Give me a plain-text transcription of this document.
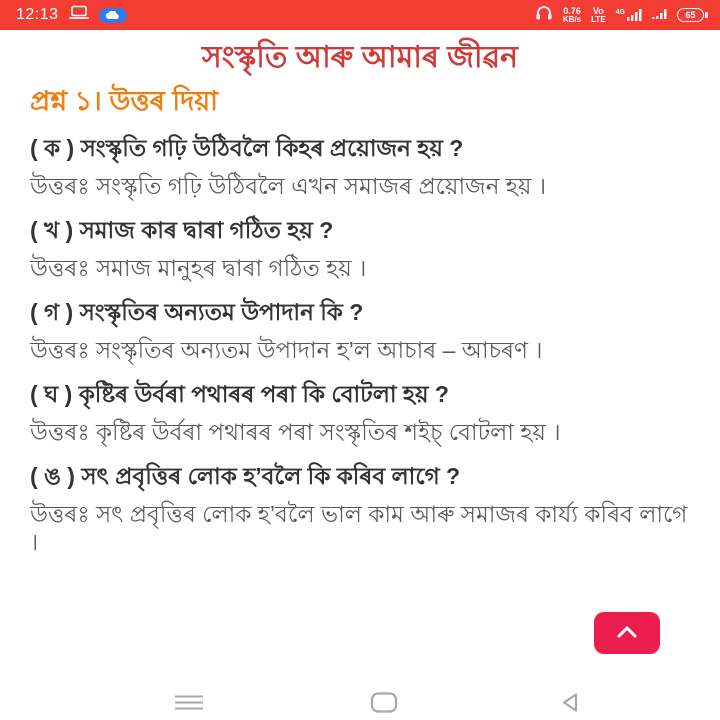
12:13	0.76
KB/s
Vo
LTE
4G	65
সংস্কৃতি আৰু আমাৰ জীৱন
প্ৰশ্ন ১। উত্তৰ দিয়া

( ক ) সংস্কৃতি গঢ়ি উঠিবলৈ কিহৰ প্ৰয়োজন হয় ?

উত্তৰঃ সংস্কৃতি গঢ়ি উঠিবলৈ এখন সমাজৰ প্ৰয়োজন হয় ।

( খ ) সমাজ কাৰ দ্বাৰা গঠিত হয় ?

উত্তৰঃ সমাজ মানুহৰ দ্বাৰা গঠিত হয় ।

( গ ) সংস্কৃতিৰ অন্যতম উপাদান কি ?

উত্তৰঃ সংস্কৃতিৰ অন্যতম উপাদান হ’ল আচাৰ – আচৰণ ।

( ঘ ) কৃষ্টিৰ উৰ্বৰা পথাৰৰ পৰা কি বোটলা হয় ?

উত্তৰঃ কৃষ্টিৰ উৰ্বৰা পথাৰৰ পৰা সংস্কৃতিৰ শইচ্ বোটলা হয় ।

( ঙ ) সৎ প্ৰবৃত্তিৰ লোক হ’বলৈ কি কৰিব লাগে ?

উত্তৰঃ সৎ প্ৰবৃত্তিৰ লোক হ’বলৈ ভাল কাম আৰু সমাজৰ কাৰ্য্য কৰিব লাগে ।
